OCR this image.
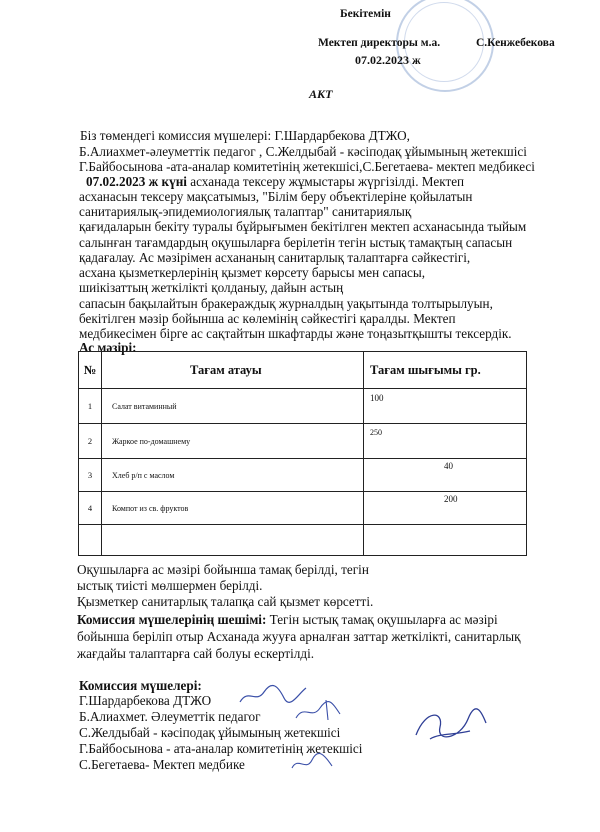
Бекітемін
Мектеп директоры м.а.	С.Кенжебекова
07.02.2023 ж
АКТ
Біз төмендегі комиссия мүшелері: Г.Шардарбекова ДТЖО,
Б.Алиахмет-әлеуметтік педагог , С.Желдыбай - кәсіподақ ұйымының жетекшісі
Г.Байбосынова -ата-аналар комитетінің жетекшісі,С.Бегетаева- мектеп медбикесі
07.02.2023 ж күні асханада тексеру жұмыстары жүргізілді. Мектеп
асханасын тексеру мақсатымыз, "Білім беру объектілеріне қойылатын
санитариялық-эпидемиологиялық талаптар" санитариялық
қағидаларын бекіту туралы бұйрығымен бекітілген мектеп асханасында тыйым
салынған тағамдардың оқушыларға берілетін тегін ыстық тамақтың сапасын
қадағалау. Ас мәзірімен асхананың санитарлық талаптарға сәйкестігі,
асхана қызметкерлерінің қызмет көрсету барысы мен сапасы,
шиікізаттың жеткілікті қолданыу, дайын астың
сапасын бақылайтын бракераждық журналдың уақытында толтырылуын,
бекітілген мәзір бойынша ас көлемінің сәйкестігі қаралды. Мектеп
медбикесімен бірге ас сақтайтын шкафтарды және тоңазытқышты тексердік.
Ас мәзірі:
№	Тағам атауы	Тағам шығымы гр.
1	Салат витаминный	100
2	Жаркое по-домашнему	250
3	Хлеб р/п с маслом	40
4	Компот из св. фруктов	200

Оқушыларға ас мәзірі бойынша тамақ берілді, тегін
ыстық тиісті мөлшермен берілді.
Қызметкер санитарлық талапқа сай қызмет көрсетті.
Комиссия мүшелерінің шешімі: Тегін ыстық тамақ оқушыларға ас мәзірі
бойынша беріліп отыр Асханада жууға арналған заттар жеткілікті, санитарлық
жағдайы талаптарға сай болуы ескертілді.
Комиссия мүшелері:
Г.Шардарбекова ДТЖО
Б.Алиахмет. Әлеуметтік педагог
С.Желдыбай - кәсіподақ ұйымының жетекшісі
Г.Байбосынова - ата-аналар комитетінің жетекшісі
С.Бегетаева- Мектеп медбике
